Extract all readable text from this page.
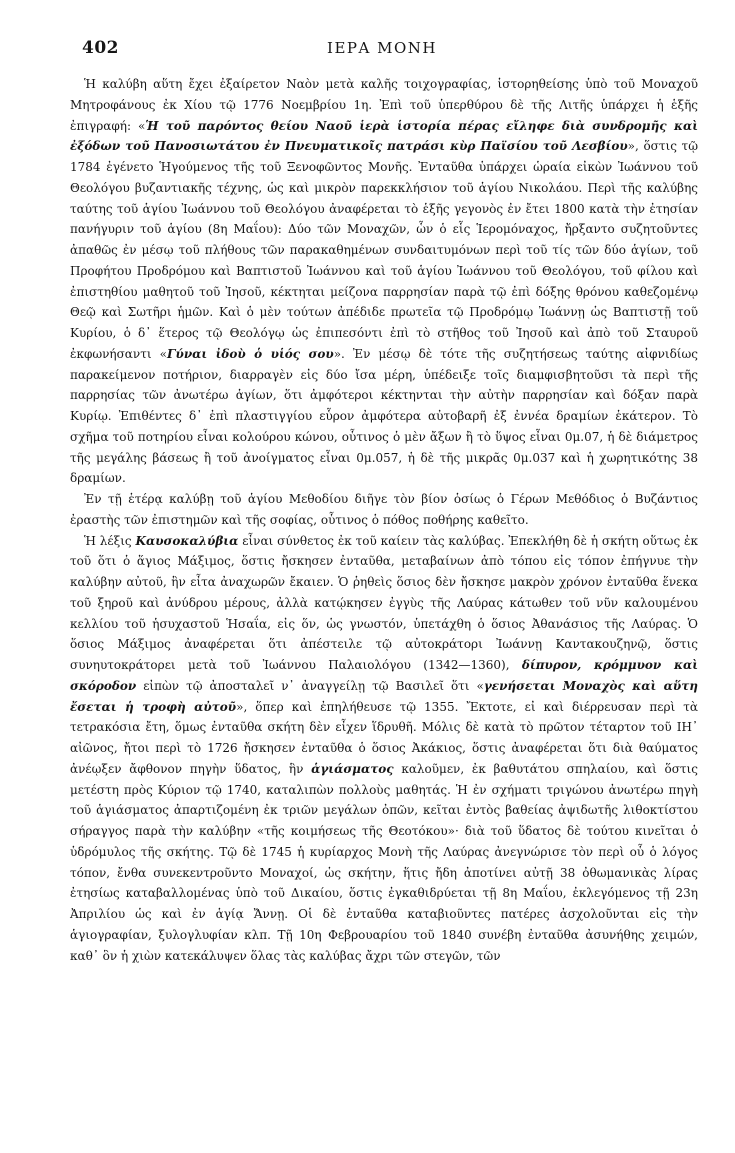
402	ΙΕΡΑ ΜΟΝΗ

Ἡ καλύβη αὕτη ἔχει ἐξαίρετον Ναὸν μετὰ καλῆς τοιχογραφίας, ἱστορηθείσης ὑπὸ τοῦ Μοναχοῦ Μητροφάνους ἐκ Χίου τῷ 1776 Νοεμβρίου 1η. Ἐπὶ τοῦ ὑπερθύρου δὲ τῆς Λιτῆς ὑπάρχει ἡ ἑξῆς ἐπιγραφή: «Ἡ τοῦ παρόντος θείου Ναοῦ ἱερὰ ἱστορία πέρας εἴληφε διὰ συνδρομῆς καὶ ἐξόδων τοῦ Πανοσιωτάτου ἐν Πνευματικοῖς πατράσι κὺρ Παϊσίου τοῦ Λεσβίου», ὅστις τῷ 1784 ἐγένετο Ἡγούμενος τῆς τοῦ Ξενοφῶντος Μονῆς. Ἐνταῦθα ὑπάρχει ὡραία εἰκὼν Ἰωάννου τοῦ Θεολόγου βυζαντιακῆς τέχνης, ὡς καὶ μικρὸν παρεκκλήσιον τοῦ ἁγίου Νικολάου. Περὶ τῆς καλύβης ταύτης τοῦ ἁγίου Ἰωάννου τοῦ Θεολόγου ἀναφέρεται τὸ ἑξῆς γεγονὸς ἐν ἔτει 1800 κατὰ τὴν ἐτησίαν πανήγυριν τοῦ ἁγίου (8η Μαΐου): Δύο τῶν Μοναχῶν, ὧν ὁ εἷς Ἱερομόναχος, ἤρξαντο συζητοῦντες ἀπαθῶς ἐν μέσῳ τοῦ πλήθους τῶν παρακαθημένων συνδαιτυμόνων περὶ τοῦ τίς τῶν δύο ἁγίων, τοῦ Προφήτου Προδρόμου καὶ Βαπτιστοῦ Ἰωάννου καὶ τοῦ ἁγίου Ἰωάννου τοῦ Θεολόγου, τοῦ φίλου καὶ ἐπιστηθίου μαθητοῦ τοῦ Ἰησοῦ, κέκτηται μείζονα παρρησίαν παρὰ τῷ ἐπὶ δόξης θρόνου καθεζομένῳ Θεῷ καὶ Σωτῆρι ἡμῶν. Καὶ ὁ μὲν τούτων ἀπέδιδε πρωτεῖα τῷ Προδρόμῳ Ἰωάννῃ ὡς Βαπτιστῇ τοῦ Κυρίου, ὁ δ᾽ ἕτερος τῷ Θεολόγῳ ὡς ἐπιπεσόντι ἐπὶ τὸ στῆθος τοῦ Ἰησοῦ καὶ ἀπὸ τοῦ Σταυροῦ ἐκφωνήσαντι «Γύναι ἰδοὺ ὁ υἱός σου». Ἐν μέσῳ δὲ τότε τῆς συζητήσεως ταύτης αἰφνιδίως παρακείμενον ποτήριον, διαρραγὲν εἰς δύο ἴσα μέρη, ὑπέδειξε τοῖς διαμφισβητοῦσι τὰ περὶ τῆς παρρησίας τῶν ἀνωτέρω ἁγίων, ὅτι ἀμφότεροι κέκτηνται τὴν αὐτὴν παρρησίαν καὶ δόξαν παρὰ Κυρίῳ. Ἐπιθέντες δ᾽ ἐπὶ πλαστιγγίου εὗρον ἀμφότερα αὐτοβαρῆ ἐξ ἐννέα δραμίων ἑκάτερον. Τὸ σχῆμα τοῦ ποτηρίου εἶναι κολούρου κώνου, οὗτινος ὁ μὲν ἄξων ἢ τὸ ὕψος εἶναι 0μ.07, ἡ δὲ διάμετρος τῆς μεγάλης βάσεως ἢ τοῦ ἀνοίγματος εἶναι 0μ.057, ἡ δὲ τῆς μικρᾶς 0μ.037 καὶ ἡ χωρητικότης 38 δραμίων.

Ἐν τῇ ἑτέρᾳ καλύβῃ τοῦ ἁγίου Μεθοδίου διῆγε τὸν βίον ὁσίως ὁ Γέρων Μεθόδιος ὁ Βυζάντιος ἐραστὴς τῶν ἐπιστημῶν καὶ τῆς σοφίας, οὗτινος ὁ πόθος ποθήρης καθεῖτο.

Ἡ λέξις Καυσοκαλύβια εἶναι σύνθετος ἐκ τοῦ καίειν τὰς καλύβας. Ἐπεκλήθη δὲ ἡ σκήτη οὕτως ἐκ τοῦ ὅτι ὁ ἅγιος Μάξιμος, ὅστις ἤσκησεν ἐνταῦθα, μεταβαίνων ἀπὸ τόπου εἰς τόπον ἐπήγνυε τὴν καλύβην αὐτοῦ, ἣν εἶτα ἀναχωρῶν ἔκαιεν. Ὁ ῥηθεὶς ὅσιος δὲν ἤσκησε μακρὸν χρόνον ἐνταῦθα ἕνεκα τοῦ ξηροῦ καὶ ἀνύδρου μέρους, ἀλλὰ κατῴκησεν ἐγγὺς τῆς Λαύρας κάτωθεν τοῦ νῦν καλουμένου κελλίου τοῦ ἡσυχαστοῦ Ἡσαΐα, εἰς ὅν, ὡς γνωστόν, ὑπετάχθη ὁ ὅσιος Ἀθανάσιος τῆς Λαύρας. Ὁ ὅσιος Μάξιμος ἀναφέρεται ὅτι ἀπέστειλε τῷ αὐτοκράτορι Ἰωάννῃ Καντακουζηνῷ, ὅστις συνηυτοκράτορει μετὰ τοῦ Ἰωάννου Παλαιολόγου (1342—1360), δίπυρον, κρόμμυον καὶ σκόροδον εἰπὼν τῷ ἀποσταλεῖ ν᾽ ἀναγγείλῃ τῷ Βασιλεῖ ὅτι «γενήσεται Μοναχὸς καὶ αὕτη ἔσεται ἡ τροφὴ αὐτοῦ», ὅπερ καὶ ἐπηλήθευσε τῷ 1355. Ἔκτοτε, εἰ καὶ διέρρευσαν περὶ τὰ τετρακόσια ἔτη, ὅμως ἐνταῦθα σκήτη δὲν εἶχεν ἵδρυθῆ. Μόλις δὲ κατὰ τὸ πρῶτον τέταρτον τοῦ ΙΗ᾽ αἰῶνος, ἤτοι περὶ τὸ 1726 ἤσκησεν ἐνταῦθα ὁ ὅσιος Ἀκάκιος, ὅστις ἀναφέρεται ὅτι διὰ θαύματος ἀνέῳξεν ἄφθονον πηγὴν ὕδατος, ἣν ἁγιάσματος καλοῦμεν, ἐκ βαθυτάτου σπηλαίου, καὶ ὅστις μετέστη πρὸς Κύριον τῷ 1740, καταλιπὼν πολλοὺς μαθητάς. Ἡ ἐν σχήματι τριγώνου ἀνωτέρω πηγὴ τοῦ ἁγιάσματος ἀπαρτιζομένη ἐκ τριῶν μεγάλων ὀπῶν, κεῖται ἐντὸς βαθείας ἀψιδωτῆς λιθοκτίστου σήραγγος παρὰ τὴν καλύβην «τῆς κοιμήσεως τῆς Θεοτόκου»· διὰ τοῦ ὕδατος δὲ τούτου κινεῖται ὁ ὑδρόμυλος τῆς σκήτης. Τῷ δὲ 1745 ἡ κυρίαρχος Μονὴ τῆς Λαύρας ἀνεγνώρισε τὸν περὶ οὗ ὁ λόγος τόπον, ἔνθα συνεκεντροῦντο Μοναχοί, ὡς σκήτην, ἥτις ἤδη ἀποτίνει αὐτῇ 38 ὀθωμανικὰς λίρας ἐτησίως καταβαλλομένας ὑπὸ τοῦ Δικαίου, ὅστις ἐγκαθιδρύεται τῇ 8η Μαΐου, ἐκλεγόμενος τῇ 23η Ἀπριλίου ὡς καὶ ἐν ἁγίᾳ Ἄννῃ. Οἱ δὲ ἐνταῦθα καταβιοῦντες πατέρες ἀσχολοῦνται εἰς τὴν ἁγιογραφίαν, ξυλογλυφίαν κλπ. Τῇ 10η Φεβρουαρίου τοῦ 1840 συνέβη ἐνταῦθα ἀσυνήθης χειμών, καθ᾽ ὃν ἡ χιὼν κατεκάλυψεν ὅλας τὰς καλύβας ἄχρι τῶν στεγῶν, τῶν
